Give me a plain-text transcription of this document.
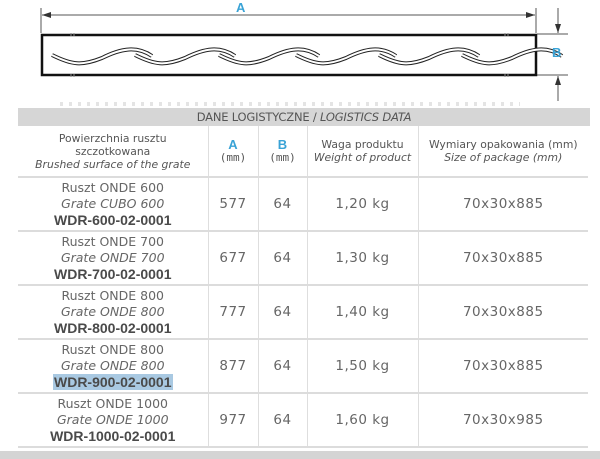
A
B
DANE LOGISTYCZNE / LOGISTICS DATA
Powierzchnia rusztu
szczotkowana
Brushed surface of the grate

A
(mm)

B
(mm)

Waga produktu
Weight of product

Wymiary opakowania (mm)
Size of package (mm)

Ruszt ONDE 600
Grate CUBO 600
WDR-600-02-0001	577	64	1,20 kg	70x30x885

Ruszt ONDE 700
Grate ONDE 700
WDR-700-02-0001	677	64	1,30 kg	70x30x885

Ruszt ONDE 800
Grate ONDE 800
WDR-800-02-0001	777	64	1,40 kg	70x30x885

Ruszt ONDE 800
Grate ONDE 800
WDR-900-02-0001	877	64	1,50 kg	70x30x885

Ruszt ONDE 1000
Grate ONDE 1000
WDR-1000-02-0001	977	64	1,60 kg	70x30x985
